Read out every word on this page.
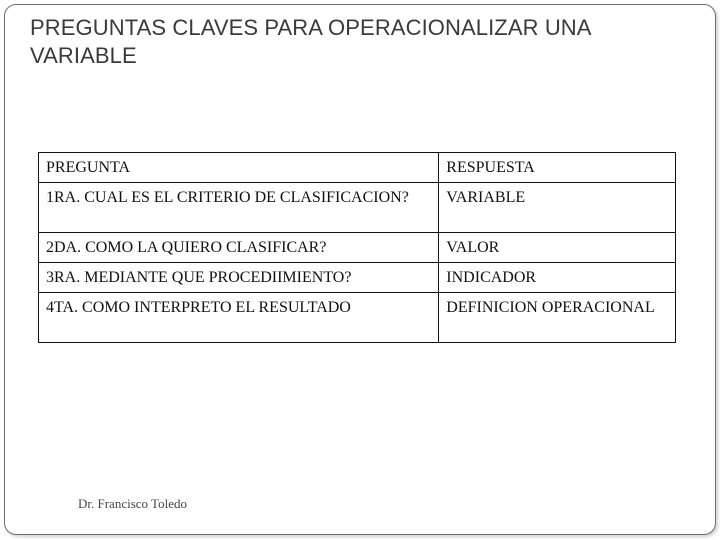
PREGUNTAS CLAVES PARA OPERACIONALIZAR UNA VARIABLE
PREGUNTA	RESPUESTA
1RA. CUAL ES EL CRITERIO DE CLASIFICACION?	VARIABLE
2DA. COMO LA QUIERO CLASIFICAR?	VALOR
3RA. MEDIANTE QUE PROCEDIIMIENTO?	INDICADOR
4TA. COMO INTERPRETO EL RESULTADO	DEFINICION OPERACIONAL
Dr. Francisco Toledo
